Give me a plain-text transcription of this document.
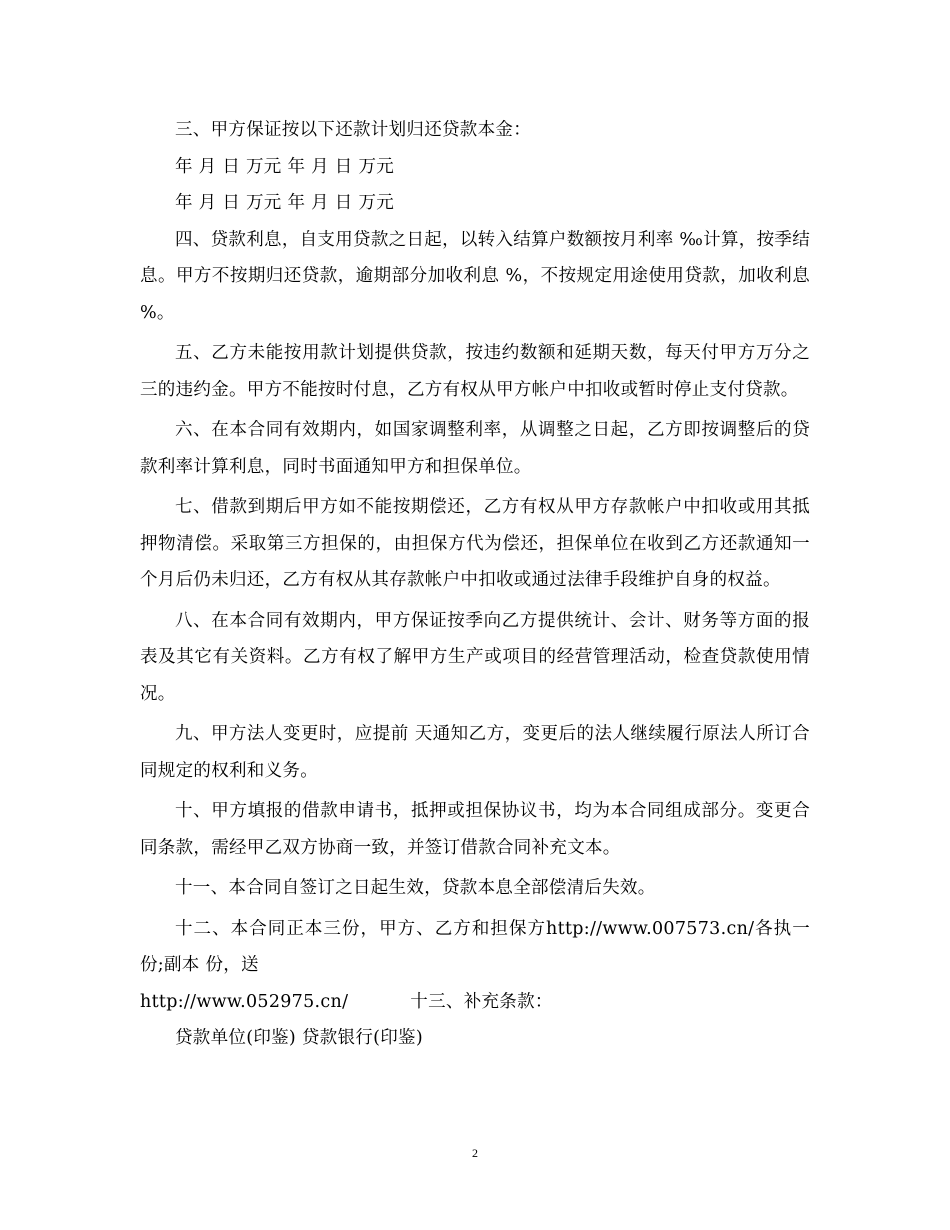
三、甲方保证按以下还款计划归还贷款本金：

年 月 日 万元 年 月 日 万元

年 月 日 万元 年 月 日 万元

四、贷款利息，自支用贷款之日起，以转入结算户数额按月利率 ‰计算，按季结息。甲方不按期归还贷款，逾期部分加收利息 %，不按规定用途使用贷款，加收利息 %。

五、乙方未能按用款计划提供贷款，按违约数额和延期天数，每天付甲方万分之三的违约金。甲方不能按时付息，乙方有权从甲方帐户中扣收或暂时停止支付贷款。

六、在本合同有效期内，如国家调整利率，从调整之日起，乙方即按调整后的贷款利率计算利息，同时书面通知甲方和担保单位。

七、借款到期后甲方如不能按期偿还，乙方有权从甲方存款帐户中扣收或用其抵押物清偿。采取第三方担保的，由担保方代为偿还，担保单位在收到乙方还款通知一个月后仍未归还，乙方有权从其存款帐户中扣收或通过法律手段维护自身的权益。

八、在本合同有效期内，甲方保证按季向乙方提供统计、会计、财务等方面的报表及其它有关资料。乙方有权了解甲方生产或项目的经营管理活动，检查贷款使用情况。

九、甲方法人变更时，应提前 天通知乙方，变更后的法人继续履行原法人所订合同规定的权利和义务。

十、甲方填报的借款申请书，抵押或担保协议书，均为本合同组成部分。变更合同条款，需经甲乙双方协商一致，并签订借款合同补充文本。

十一、本合同自签订之日起生效，贷款本息全部偿清后失效。

十二、本合同正本三份，甲方、乙方和担保方http://www.007573.cn/各执一份;副本 份，送

http://www.052975.cn/	十三、补充条款：

贷款单位(印鉴) 贷款银行(印鉴)

2
